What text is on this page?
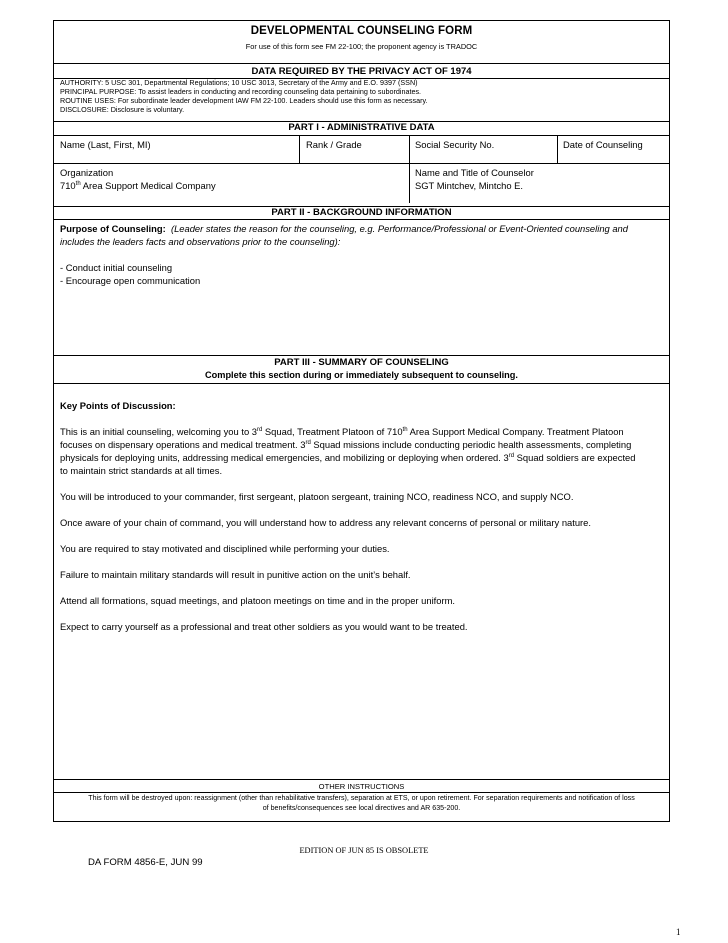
DEVELOPMENTAL COUNSELING FORM
For use of this form see FM 22-100; the proponent agency is TRADOC
DATA REQUIRED BY THE PRIVACY ACT OF 1974
AUTHORITY: 5 USC 301, Departmental Regulations; 10 USC 3013, Secretary of the Army and E.O. 9397 (SSN)
PRINCIPAL PURPOSE: To assist leaders in conducting and recording counseling data pertaining to subordinates.
ROUTINE USES: For subordinate leader development IAW FM 22-100. Leaders should use this form as necessary.
DISCLOSURE: Disclosure is voluntary.
PART I - ADMINISTRATIVE DATA
Name (Last, First, MI)	Rank / Grade	Social Security No.	Date of Counseling
Organization
710th Area Support Medical Company
Name and Title of Counselor
SGT Mintchev, Mintcho E.
PART II - BACKGROUND INFORMATION

Purpose of Counseling: (Leader states the reason for the counseling, e.g. Performance/Professional or Event-Oriented counseling and

includes the leaders facts and observations prior to the counseling):

- Conduct initial counseling

- Encourage open communication

PART III - SUMMARY OF COUNSELING
Complete this section during or immediately subsequent to counseling.

Key Points of Discussion:

This is an initial counseling, welcoming you to 3rd Squad, Treatment Platoon of 710th Area Support Medical Company. Treatment Platoon

focuses on dispensary operations and medical treatment. 3rd Squad missions include conducting periodic health assessments, completing

physicals for deploying units, addressing medical emergencies, and mobilizing or deploying when ordered. 3rd Squad soldiers are expected

to maintain strict standards at all times.

You will be introduced to your commander, first sergeant, platoon sergeant, training NCO, readiness NCO, and supply NCO.

Once aware of your chain of command, you will understand how to address any relevant concerns of personal or military nature.

You are required to stay motivated and disciplined while performing your duties.

Failure to maintain military standards will result in punitive action on the unit’s behalf.

Attend all formations, squad meetings, and platoon meetings on time and in the proper uniform.

Expect to carry yourself as a professional and treat other soldiers as you would want to be treated.

OTHER INSTRUCTIONS
This form will be destroyed upon: reassignment (other than rehabilitative transfers), separation at ETS, or upon retirement. For separation requirements and notification of loss
of benefits/consequences see local directives and AR 635-200.
EDITION OF JUN 85 IS OBSOLETE
DA FORM 4856-E, JUN 99
1
